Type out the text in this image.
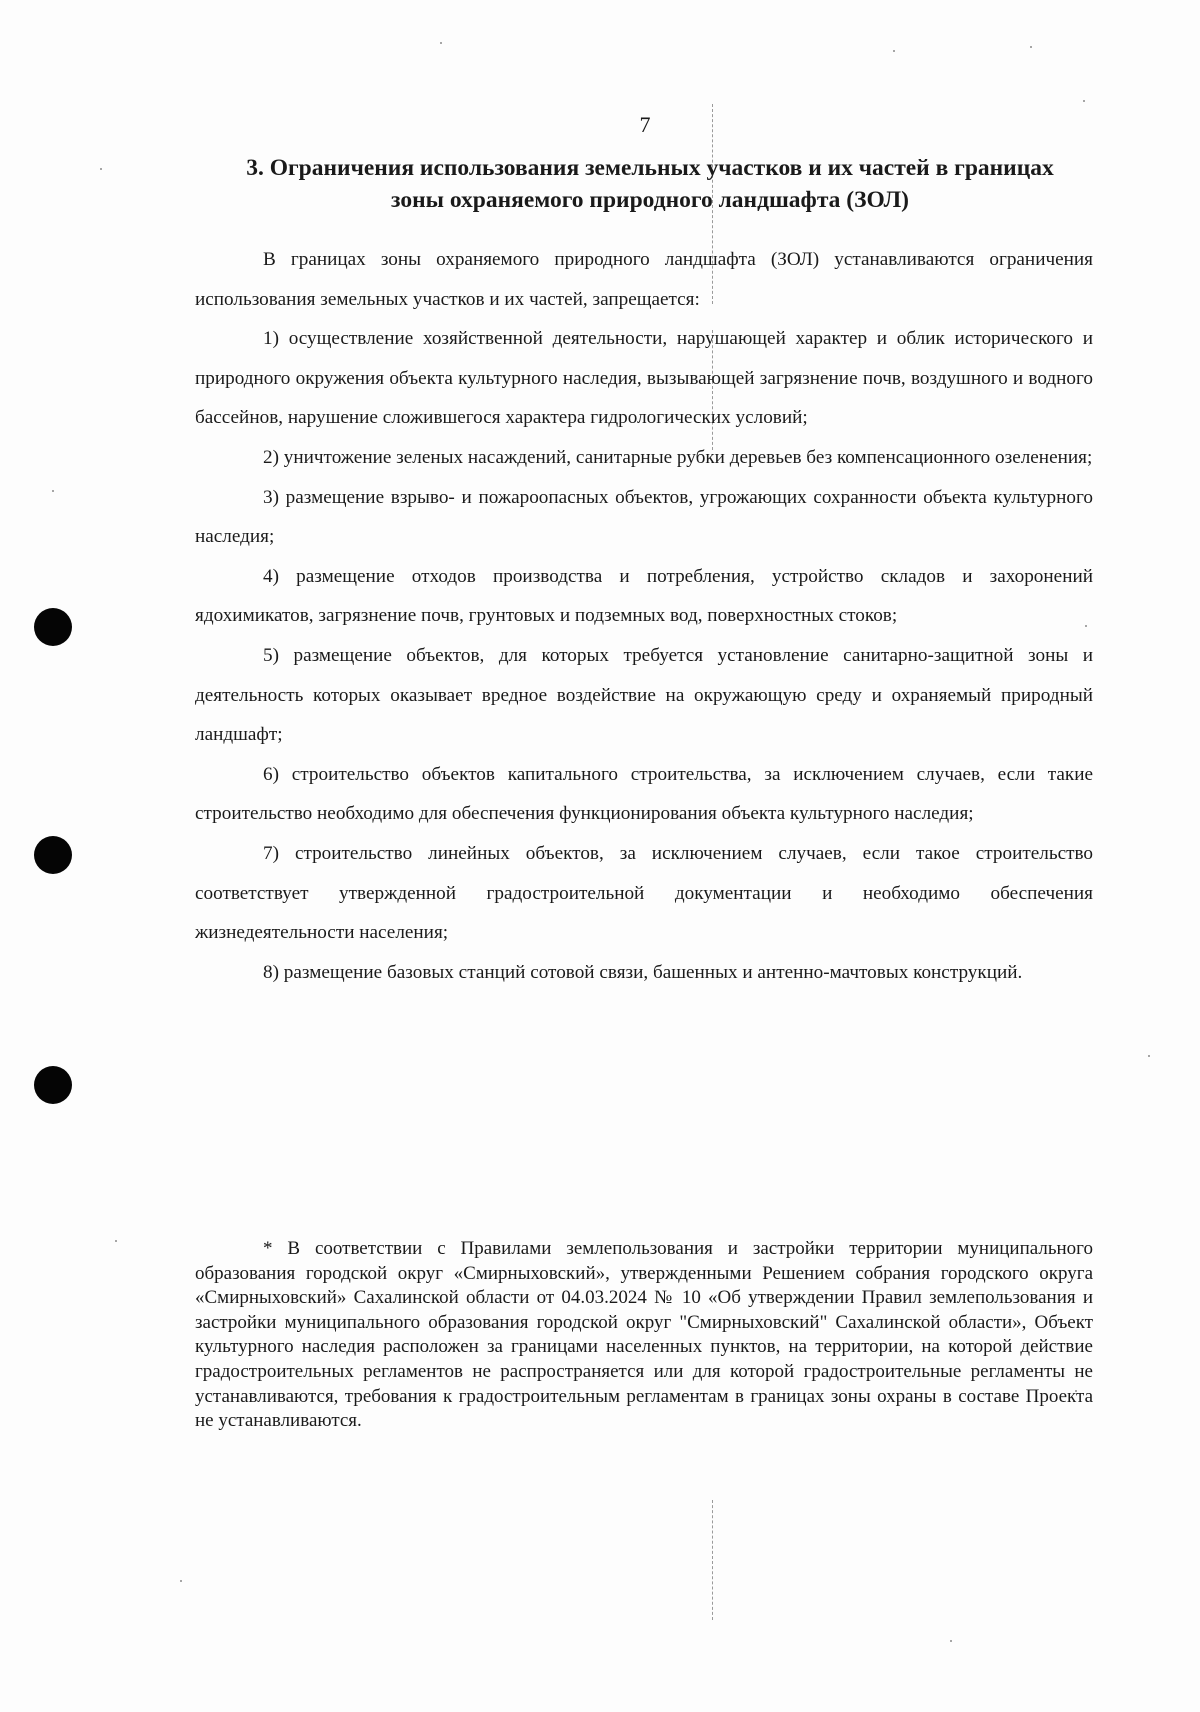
7
3. Ограничения использования земельных участков и их частей в границах зоны охраняемого природного ландшафта (ЗОЛ)

В границах зоны охраняемого природного ландшафта (ЗОЛ) устанавливаются ограничения использования земельных участков и их частей, запрещается:

1) осуществление хозяйственной деятельности, нарушающей характер и облик исторического и природного окружения объекта культурного наследия, вызывающей загрязнение почв, воздушного и водного бассейнов, нарушение сложившегося характера гидрологических условий;

2) уничтожение зеленых насаждений, санитарные рубки деревьев без компенсационного озеленения;

3) размещение взрыво- и пожароопасных объектов, угрожающих сохранности объекта культурного наследия;

4) размещение отходов производства и потребления, устройство складов и захоронений ядохимикатов, загрязнение почв, грунтовых и подземных вод, поверхностных стоков;

5) размещение объектов, для которых требуется установление санитарно-защитной зоны и деятельность которых оказывает вредное воздействие на окружающую среду и охраняемый природный ландшафт;

6) строительство объектов капитального строительства, за исключением случаев, если такие строительство необходимо для обеспечения функционирования объекта культурного наследия;

7) строительство линейных объектов, за исключением случаев, если такое строительство соответствует утвержденной градостроительной документации и необходимо обеспечения жизнедеятельности населения;

8) размещение базовых станций сотовой связи, башенных и антенно-мачтовых конструкций.

* В соответствии с Правилами землепользования и застройки территории муниципального образования городской округ «Смирныховский», утвержденными Решением собрания городского округа «Смирныховский» Сахалинской области от 04.03.2024 № 10 «Об утверждении Правил землепользования и застройки муниципального образования городской округ "Смирныховский" Сахалинской области», Объект культурного наследия расположен за границами населенных пунктов, на территории, на которой действие градостроительных регламентов не распространяется или для которой градостроительные регламенты не устанавливаются, требования к градостроительным регламентам в границах зоны охраны в составе Проекта не устанавливаются.
